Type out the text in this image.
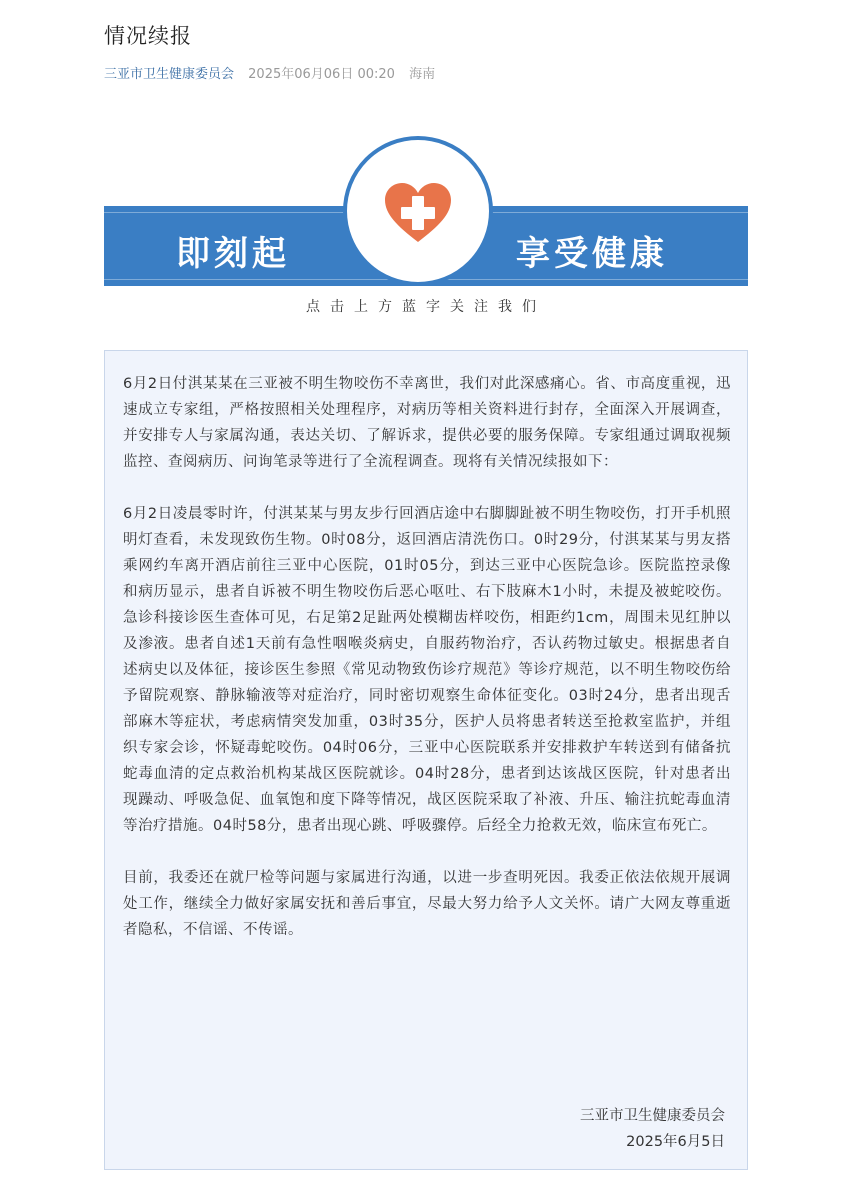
情况续报
三亚市卫生健康委员会 2025年06月06日 00:20 海南
即刻起	享受健康
点击上方蓝字关注我们

6月2日付淇某某在三亚被不明生物咬伤不幸离世，我们对此深感痛心。省、市高度重视，迅速成立专家组，严格按照相关处理程序，对病历等相关资料进行封存，全面深入开展调查，并安排专人与家属沟通，表达关切、了解诉求，提供必要的服务保障。专家组通过调取视频监控、查阅病历、问询笔录等进行了全流程调查。现将有关情况续报如下：

6月2日凌晨零时许，付淇某某与男友步行回酒店途中右脚脚趾被不明生物咬伤，打开手机照明灯查看，未发现致伤生物。0时08分，返回酒店清洗伤口。0时29分，付淇某某与男友搭乘网约车离开酒店前往三亚中心医院，01时05分，到达三亚中心医院急诊。医院监控录像和病历显示，患者自诉被不明生物咬伤后恶心呕吐、右下肢麻木1小时，未提及被蛇咬伤。急诊科接诊医生查体可见，右足第2足趾两处模糊齿样咬伤，相距约1cm，周围未见红肿以及渗液。患者自述1天前有急性咽喉炎病史，自服药物治疗，否认药物过敏史。根据患者自述病史以及体征，接诊医生参照《常见动物致伤诊疗规范》等诊疗规范，以不明生物咬伤给予留院观察、静脉输液等对症治疗，同时密切观察生命体征变化。03时24分，患者出现舌部麻木等症状，考虑病情突发加重，03时35分，医护人员将患者转送至抢救室监护，并组织专家会诊，怀疑毒蛇咬伤。04时06分，三亚中心医院联系并安排救护车转送到有储备抗蛇毒血清的定点救治机构某战区医院就诊。04时28分，患者到达该战区医院，针对患者出现躁动、呼吸急促、血氧饱和度下降等情况，战区医院采取了补液、升压、输注抗蛇毒血清等治疗措施。04时58分，患者出现心跳、呼吸骤停。后经全力抢救无效，临床宣布死亡。

目前，我委还在就尸检等问题与家属进行沟通，以进一步查明死因。我委正依法依规开展调处工作，继续全力做好家属安抚和善后事宜，尽最大努力给予人文关怀。请广大网友尊重逝者隐私，不信谣、不传谣。

三亚市卫生健康委员会
2025年6月5日
